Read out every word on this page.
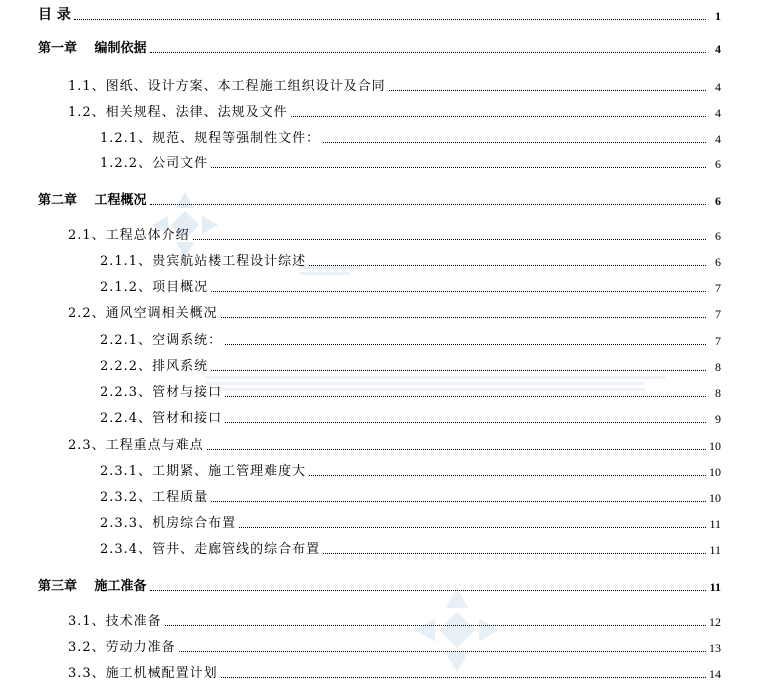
目 录	1
第一章　 编制依据	4
1.1、图纸、设计方案、本工程施工组织设计及合同	4
1.2、相关规程、法律、法规及文件	4
1.2.1、规范、规程等强制性文件：	4
1.2.2、公司文件	6
第二章　 工程概况	6
2.1、工程总体介绍	6
2.1.1、贵宾航站楼工程设计综述	6
2.1.2、项目概况	7
2.2、通风空调相关概况	7
2.2.1、空调系统：	7
2.2.2、排风系统	8
2.2.3、管材与接口	8
2.2.4、管材和接口	9
2.3、工程重点与难点	10
2.3.1、工期紧、施工管理难度大	10
2.3.2、工程质量	10
2.3.3、机房综合布置	11
2.3.4、管井、走廊管线的综合布置	11
第三章　 施工准备	11
3.1、技术准备	12
3.2、劳动力准备	13
3.3、施工机械配置计划	14
